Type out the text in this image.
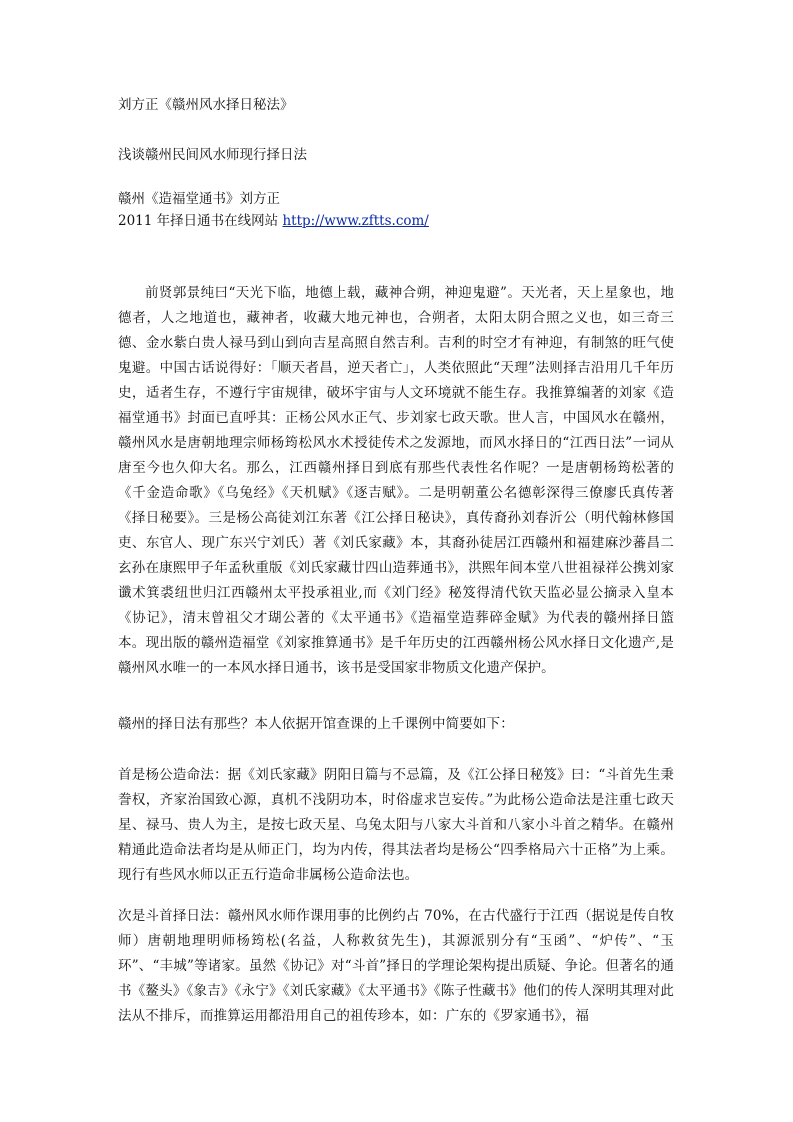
刘方正《赣州风水择日秘法》
浅谈赣州民间风水师现行择日法
赣州《造福堂通书》刘方正
2011 年择日通书在线网站 http://www.zftts.com/

前贤郭景纯曰“天光下临，地德上载，藏神合朔，神迎鬼避”。天光者，天上星象也，地德者，人之地道也，藏神者，收藏大地元神也，合朔者，太阳太阴合照之义也，如三奇三德、金水紫白贵人禄马到山到向吉星高照自然吉利。吉利的时空才有神迎，有制煞的旺气使鬼避。中国古话说得好：「顺天者昌，逆天者亡」，人类依照此“天理”法则择吉沿用几千年历史，适者生存，不遵行宇宙规律，破坏宇宙与人文环境就不能生存。我推算编著的刘家《造福堂通书》封面已直呼其：正杨公风水正气、步刘家七政天歌。世人言，中国风水在赣州，赣州风水是唐朝地理宗师杨筠松风水术授徒传术之发源地，而风水择日的“江西日法”一词从唐至今也久仰大名。那么，江西赣州择日到底有那些代表性名作呢？一是唐朝杨筠松著的《千金造命歌》《乌兔经》《天机赋》《逐吉赋》。二是明朝董公名德彰深得三僚廖氏真传著《择日秘要》。三是杨公高徒刘江东著《江公择日秘诀》，真传裔孙刘春沂公（明代翰林修国吏、东官人、现广东兴宁刘氏）著《刘氏家藏》本，其裔孙徒居江西赣州和福建麻沙蕃昌二玄孙在康熙甲子年孟秋重版《刘氏家藏廿四山造葬通书》，洪熙年间本堂八世祖禄祥公携刘家谶术箕裘纽世归江西赣州太平投承祖业,而《刘门经》秘笈得清代钦天监必显公摘录入皇本《协记》，清末曾祖父才瑚公著的《太平通书》《造福堂造葬碎金赋》为代表的赣州择日篮本。现出版的赣州造福堂《刘家推算通书》是千年历史的江西赣州杨公风水择日文化遗产,是赣州风水唯一的一本风水择日通书，该书是受国家非物质文化遗产保护。

赣州的择日法有那些？本人依据开馆查课的上千课例中简要如下：

首是杨公造命法：据《刘氏家藏》阴阳日篇与不忌篇，及《江公择日秘笈》曰：“斗首先生秉誊权，齐家治国致心源，真机不浅阴功本，时俗虚求岂妄传。”为此杨公造命法是注重七政天星、禄马、贵人为主，是按七政天星、乌兔太阳与八家大斗首和八家小斗首之精华。在赣州精通此造命法者均是从师正门，均为内传，得其法者均是杨公“四季格局六十正格”为上乘。现行有些风水师以正五行造命非属杨公造命法也。

次是斗首择日法：赣州风水师作课用事的比例约占 70%，在古代盛行于江西（据说是传自牧师）唐朝地理明师杨筠松(名益，人称救贫先生)，其源派别分有“玉函”、“炉传”、“玉环”、“丰城”等诸家。虽然《协记》对“斗首”择日的学理论架构提出质疑、争论。但著名的通书《鳌头》《象吉》《永宁》《刘氏家藏》《太平通书》《陈子性藏书》他们的传人深明其理对此法从不排斥，而推算运用都沿用自己的祖传珍本，如：广东的《罗家通书》，福
